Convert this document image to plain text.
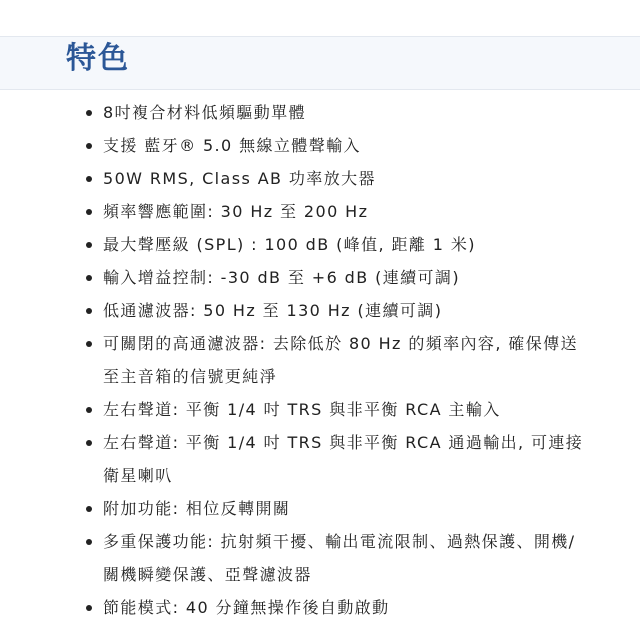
特色
8吋複合材料低頻驅動單體
支援 藍牙® 5.0 無線立體聲輸入
50W RMS, Class AB 功率放大器
頻率響應範圍: 30 Hz 至 200 Hz
最大聲壓級 (SPL) : 100 dB (峰值, 距離 1 米)
輸入增益控制: -30 dB 至 +6 dB (連續可調)
低通濾波器: 50 Hz 至 130 Hz (連續可調)
可關閉的高通濾波器: 去除低於 80 Hz 的頻率內容, 確保傳送至主音箱的信號更純淨
左右聲道: 平衡 1/4 吋 TRS 與非平衡 RCA 主輸入
左右聲道: 平衡 1/4 吋 TRS 與非平衡 RCA 通過輸出, 可連接衛星喇叭
附加功能: 相位反轉開關
多重保護功能: 抗射頻干擾、輸出電流限制、過熱保護、開機/關機瞬變保護、亞聲濾波器
節能模式: 40 分鐘無操作後自動啟動
